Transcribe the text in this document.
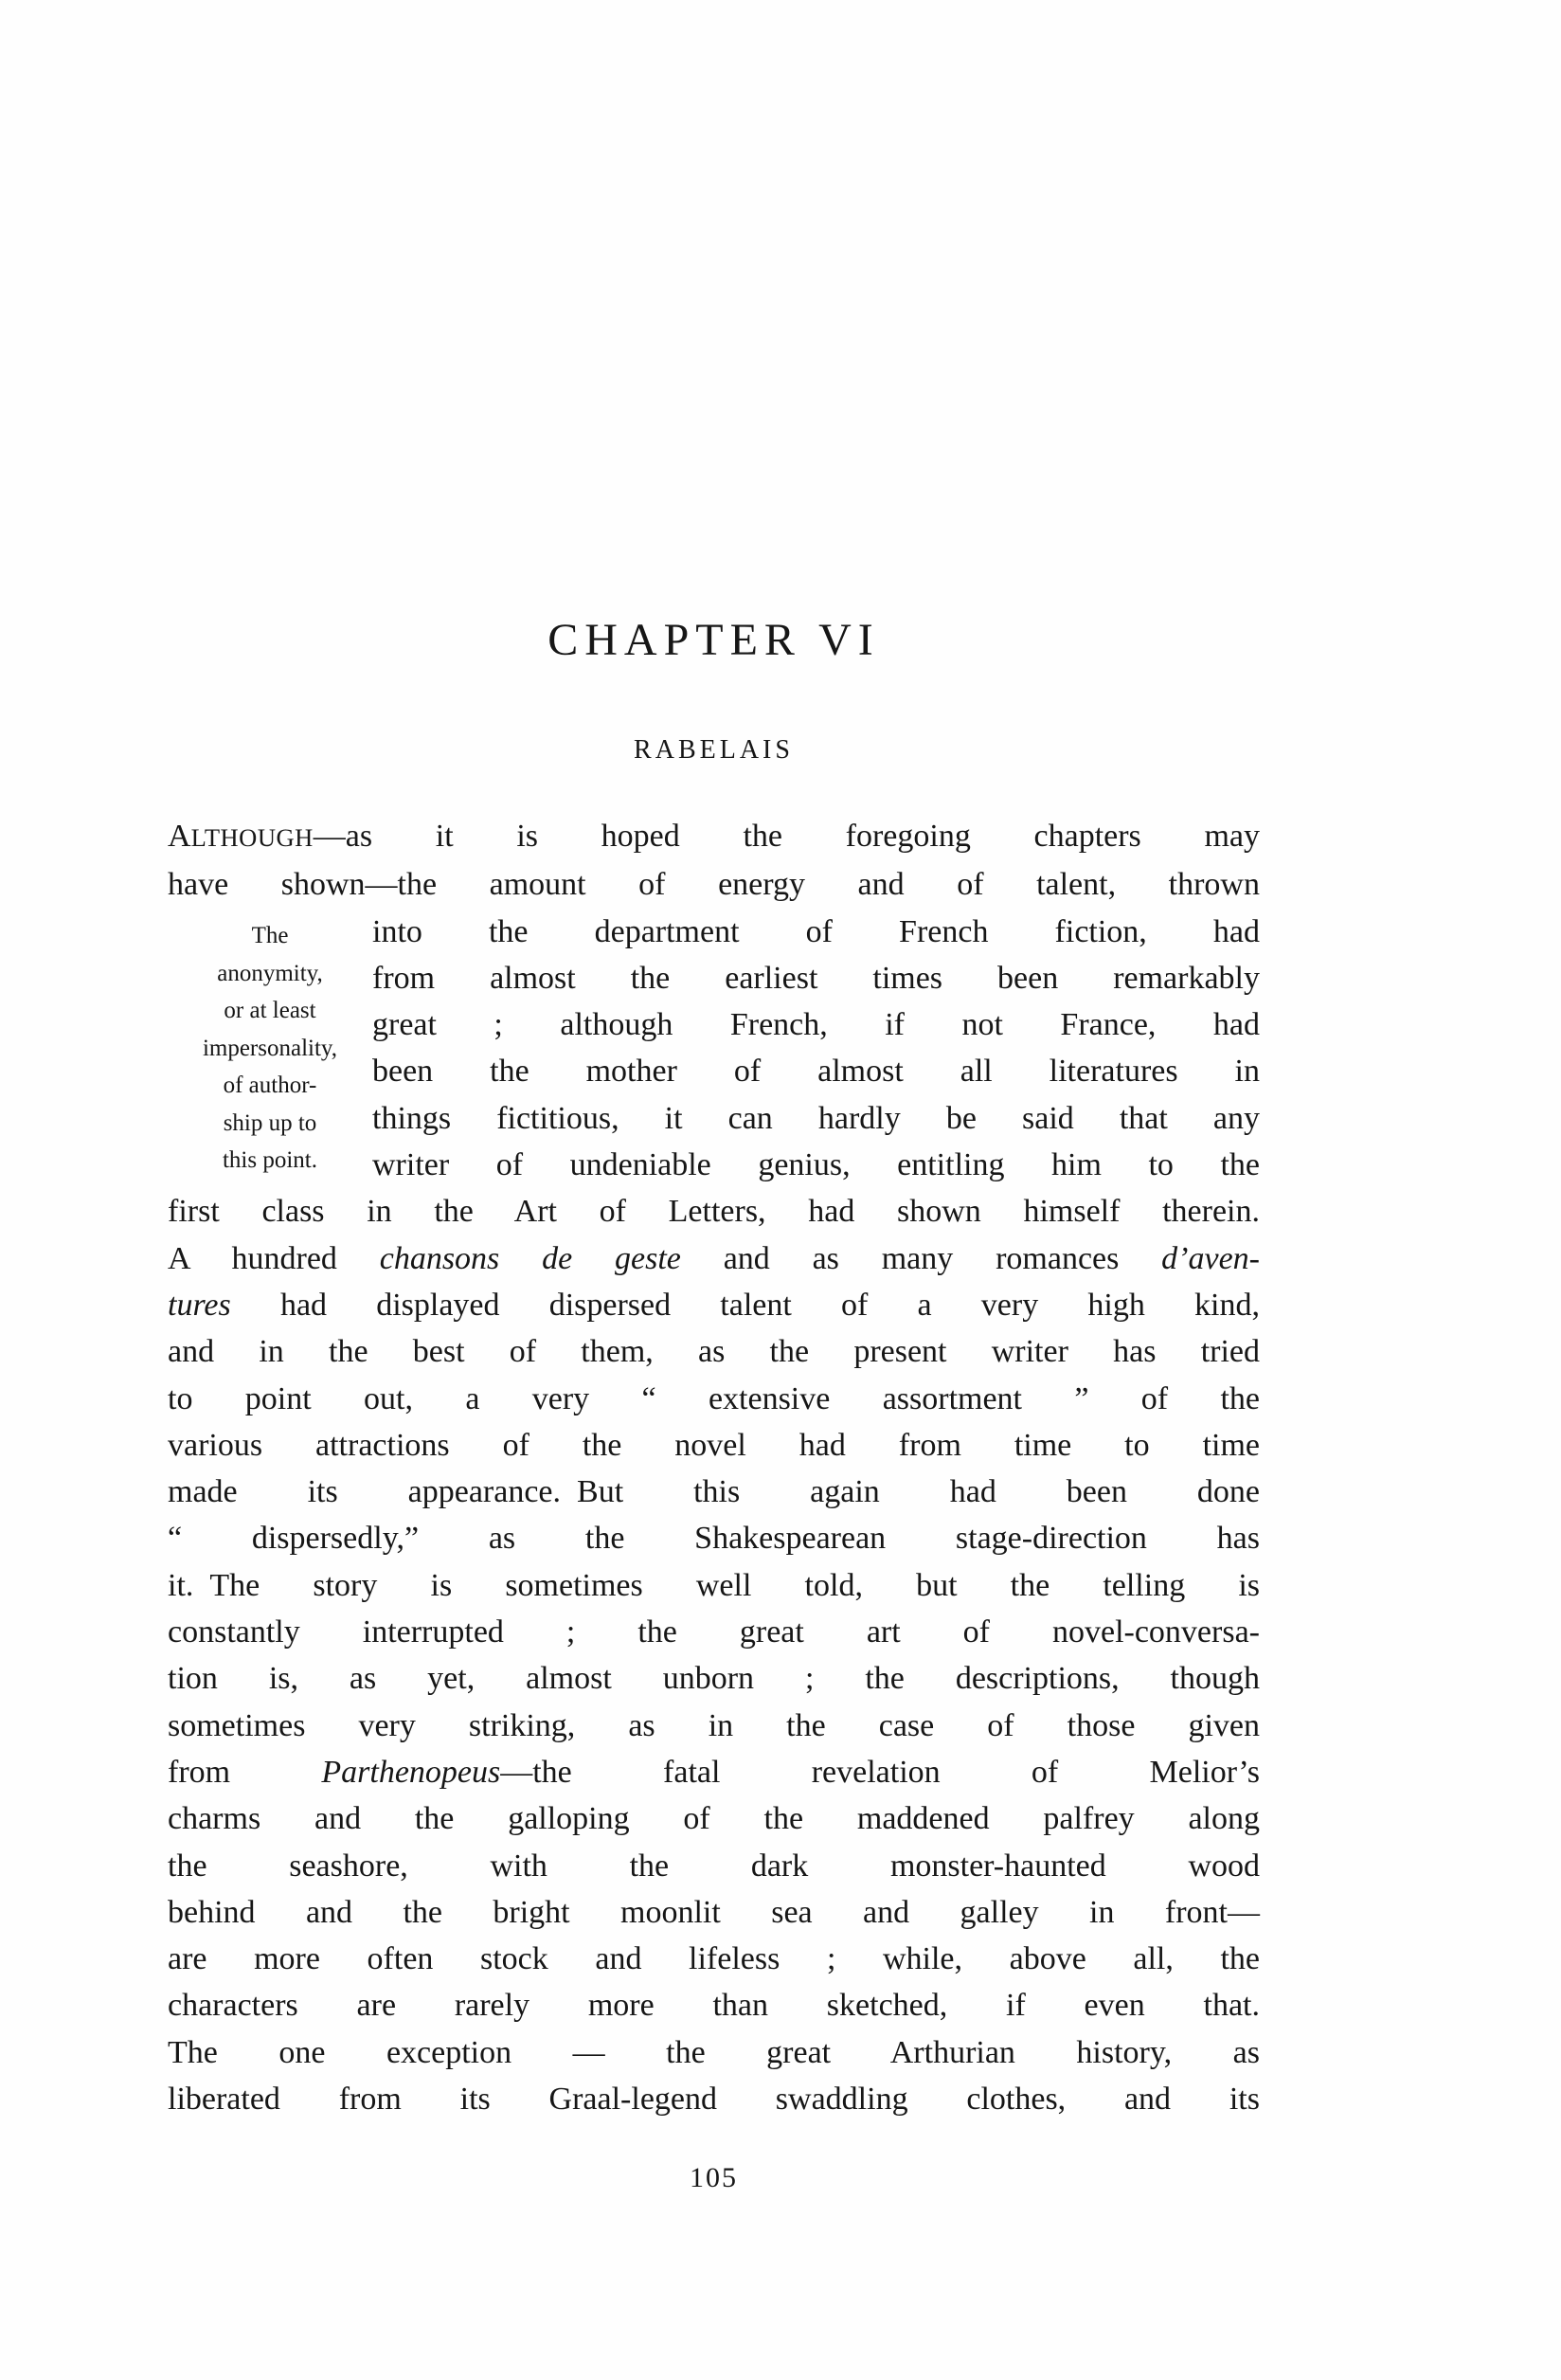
CHAPTER VI
RABELAIS
The
anonymity,
or at least
impersonality,
of author-
ship up to
this point.
ALTHOUGH—as it is hoped the foregoing chapters may
have shown—the amount of energy and of talent, thrown
into the department of French fiction, had
from almost the earliest times been remarkably
great ; although French, if not France, had
been the mother of almost all literatures in
things fictitious, it can hardly be said that any
writer of undeniable genius, entitling him to the
first class in the Art of Letters, had shown himself therein.
A hundred chansons de geste and as many romances d’aven-
tures had displayed dispersed talent of a very high kind,
and in the best of them, as the present writer has tried
to point out, a very “ extensive assortment ” of the
various attractions of the novel had from time to time
made its appearance. But this again had been done
“ dispersedly,” as the Shakespearean stage-direction has
it. The story is sometimes well told, but the telling is
constantly interrupted ; the great art of novel-conversa-
tion is, as yet, almost unborn ; the descriptions, though
sometimes very striking, as in the case of those given
from Parthenopeus—the fatal revelation of Melior’s
charms and the galloping of the maddened palfrey along
the seashore, with the dark monster-haunted wood
behind and the bright moonlit sea and galley in front—
are more often stock and lifeless ; while, above all, the
characters are rarely more than sketched, if even that.
The one exception — the great Arthurian history, as
liberated from its Graal-legend swaddling clothes, and its
105
